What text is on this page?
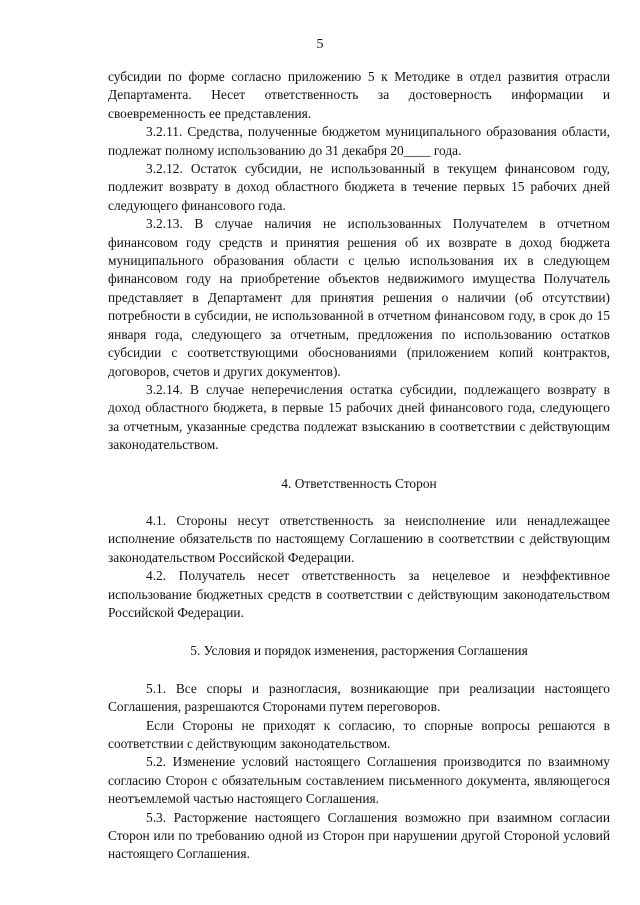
5

субсидии по форме согласно приложению 5 к Методике в отдел развития отрасли Департамента. Несет ответственность за достоверность информации и своевременность ее представления.

3.2.11. Средства, полученные бюджетом муниципального образования области, подлежат полному использованию до 31 декабря 20____ года.

3.2.12. Остаток субсидии, не использованный в текущем финансовом году, подлежит возврату в доход областного бюджета в течение первых 15 рабочих дней следующего финансового года.

3.2.13. В случае наличия не использованных Получателем в отчетном финансовом году средств и принятия решения об их возврате в доход бюджета муниципального образования области с целью использования их в следующем финансовом году на приобретение объектов недвижимого имущества Получатель представляет в Департамент для принятия решения о наличии (об отсутствии) потребности в субсидии, не использованной в отчетном финансовом году, в срок до 15 января года, следующего за отчетным, предложения по использованию остатков субсидии с соответствующими обоснованиями (приложением копий контрактов, договоров, счетов и других документов).

3.2.14. В случае неперечисления остатка субсидии, подлежащего возврату в доход областного бюджета, в первые 15 рабочих дней финансового года, следующего за отчетным, указанные средства подлежат взысканию в соответствии с действующим законодательством.

4. Ответственность Сторон

4.1. Стороны несут ответственность за неисполнение или ненадлежащее исполнение обязательств по настоящему Соглашению в соответствии с действующим законодательством Российской Федерации.

4.2. Получатель несет ответственность за нецелевое и неэффективное использование бюджетных средств в соответствии с действующим законодательством Российской Федерации.

5. Условия и порядок изменения, расторжения Соглашения

5.1. Все споры и разногласия, возникающие при реализации настоящего Соглашения, разрешаются Сторонами путем переговоров.

Если Стороны не приходят к согласию, то спорные вопросы решаются в соответствии с действующим законодательством.

5.2. Изменение условий настоящего Соглашения производится по взаимному согласию Сторон с обязательным составлением письменного документа, являющегося неотъемлемой частью настоящего Соглашения.

5.3. Расторжение настоящего Соглашения возможно при взаимном согласии Сторон или по требованию одной из Сторон при нарушении другой Стороной условий настоящего Соглашения.
